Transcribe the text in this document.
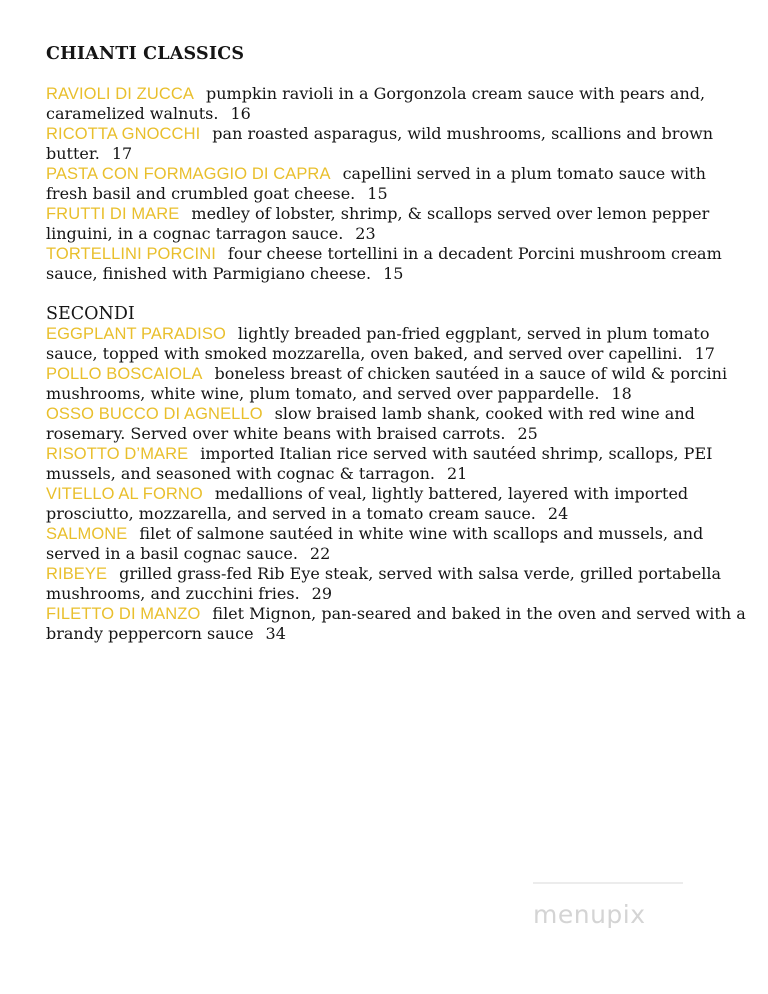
CHIANTI CLASSICS

RAVIOLI DI ZUCCA pumpkin ravioli in a Gorgonzola cream sauce with pears and, caramelized walnuts. 16

RICOTTA GNOCCHI pan roasted asparagus, wild mushrooms, scallions and brown butter. 17

PASTA CON FORMAGGIO DI CAPRA capellini served in a plum tomato sauce with fresh basil and crumbled goat cheese. 15

FRUTTI DI MARE medley of lobster, shrimp, & scallops served over lemon pepper linguini, in a cognac tarragon sauce. 23

TORTELLINI PORCINI four cheese tortellini in a decadent Porcini mushroom cream sauce, finished with Parmigiano cheese. 15

SECONDI

EGGPLANT PARADISO lightly breaded pan-fried eggplant, served in plum tomato sauce, topped with smoked mozzarella, oven baked, and served over capellini. 17

POLLO BOSCAIOLA boneless breast of chicken sautéed in a sauce of wild & porcini mushrooms, white wine, plum tomato, and served over pappardelle. 18

OSSO BUCCO DI AGNELLO slow braised lamb shank, cooked with red wine and rosemary. Served over white beans with braised carrots. 25

RISOTTO D’MARE imported Italian rice served with sautéed shrimp, scallops, PEI mussels, and seasoned with cognac & tarragon. 21

VITELLO AL FORNO medallions of veal, lightly battered, layered with imported prosciutto, mozzarella, and served in a tomato cream sauce. 24

SALMONE filet of salmone sautéed in white wine with scallops and mussels, and served in a basil cognac sauce. 22

RIBEYE grilled grass-fed Rib Eye steak, served with salsa verde, grilled portabella mushrooms, and zucchini fries. 29

FILETTO DI MANZO filet Mignon, pan-seared and baked in the oven and served with a brandy peppercorn sauce 34

menupix
